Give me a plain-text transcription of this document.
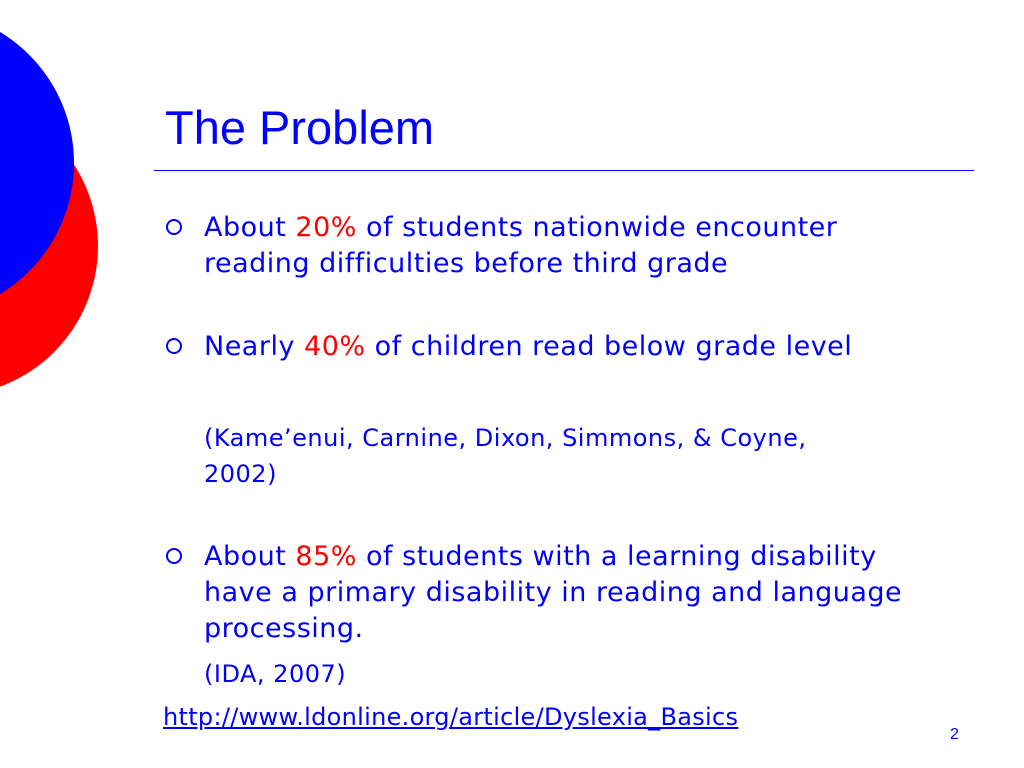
The Problem
About 20% of students nationwide encounter reading difficulties before third grade
Nearly 40% of children read below grade level
(Kame’enui, Carnine, Dixon, Simmons, & Coyne, 2002)
About 85% of students with a learning disability have a primary disability in reading and language processing.
(IDA, 2007)
http://www.ldonline.org/article/Dyslexia_Basics
2
